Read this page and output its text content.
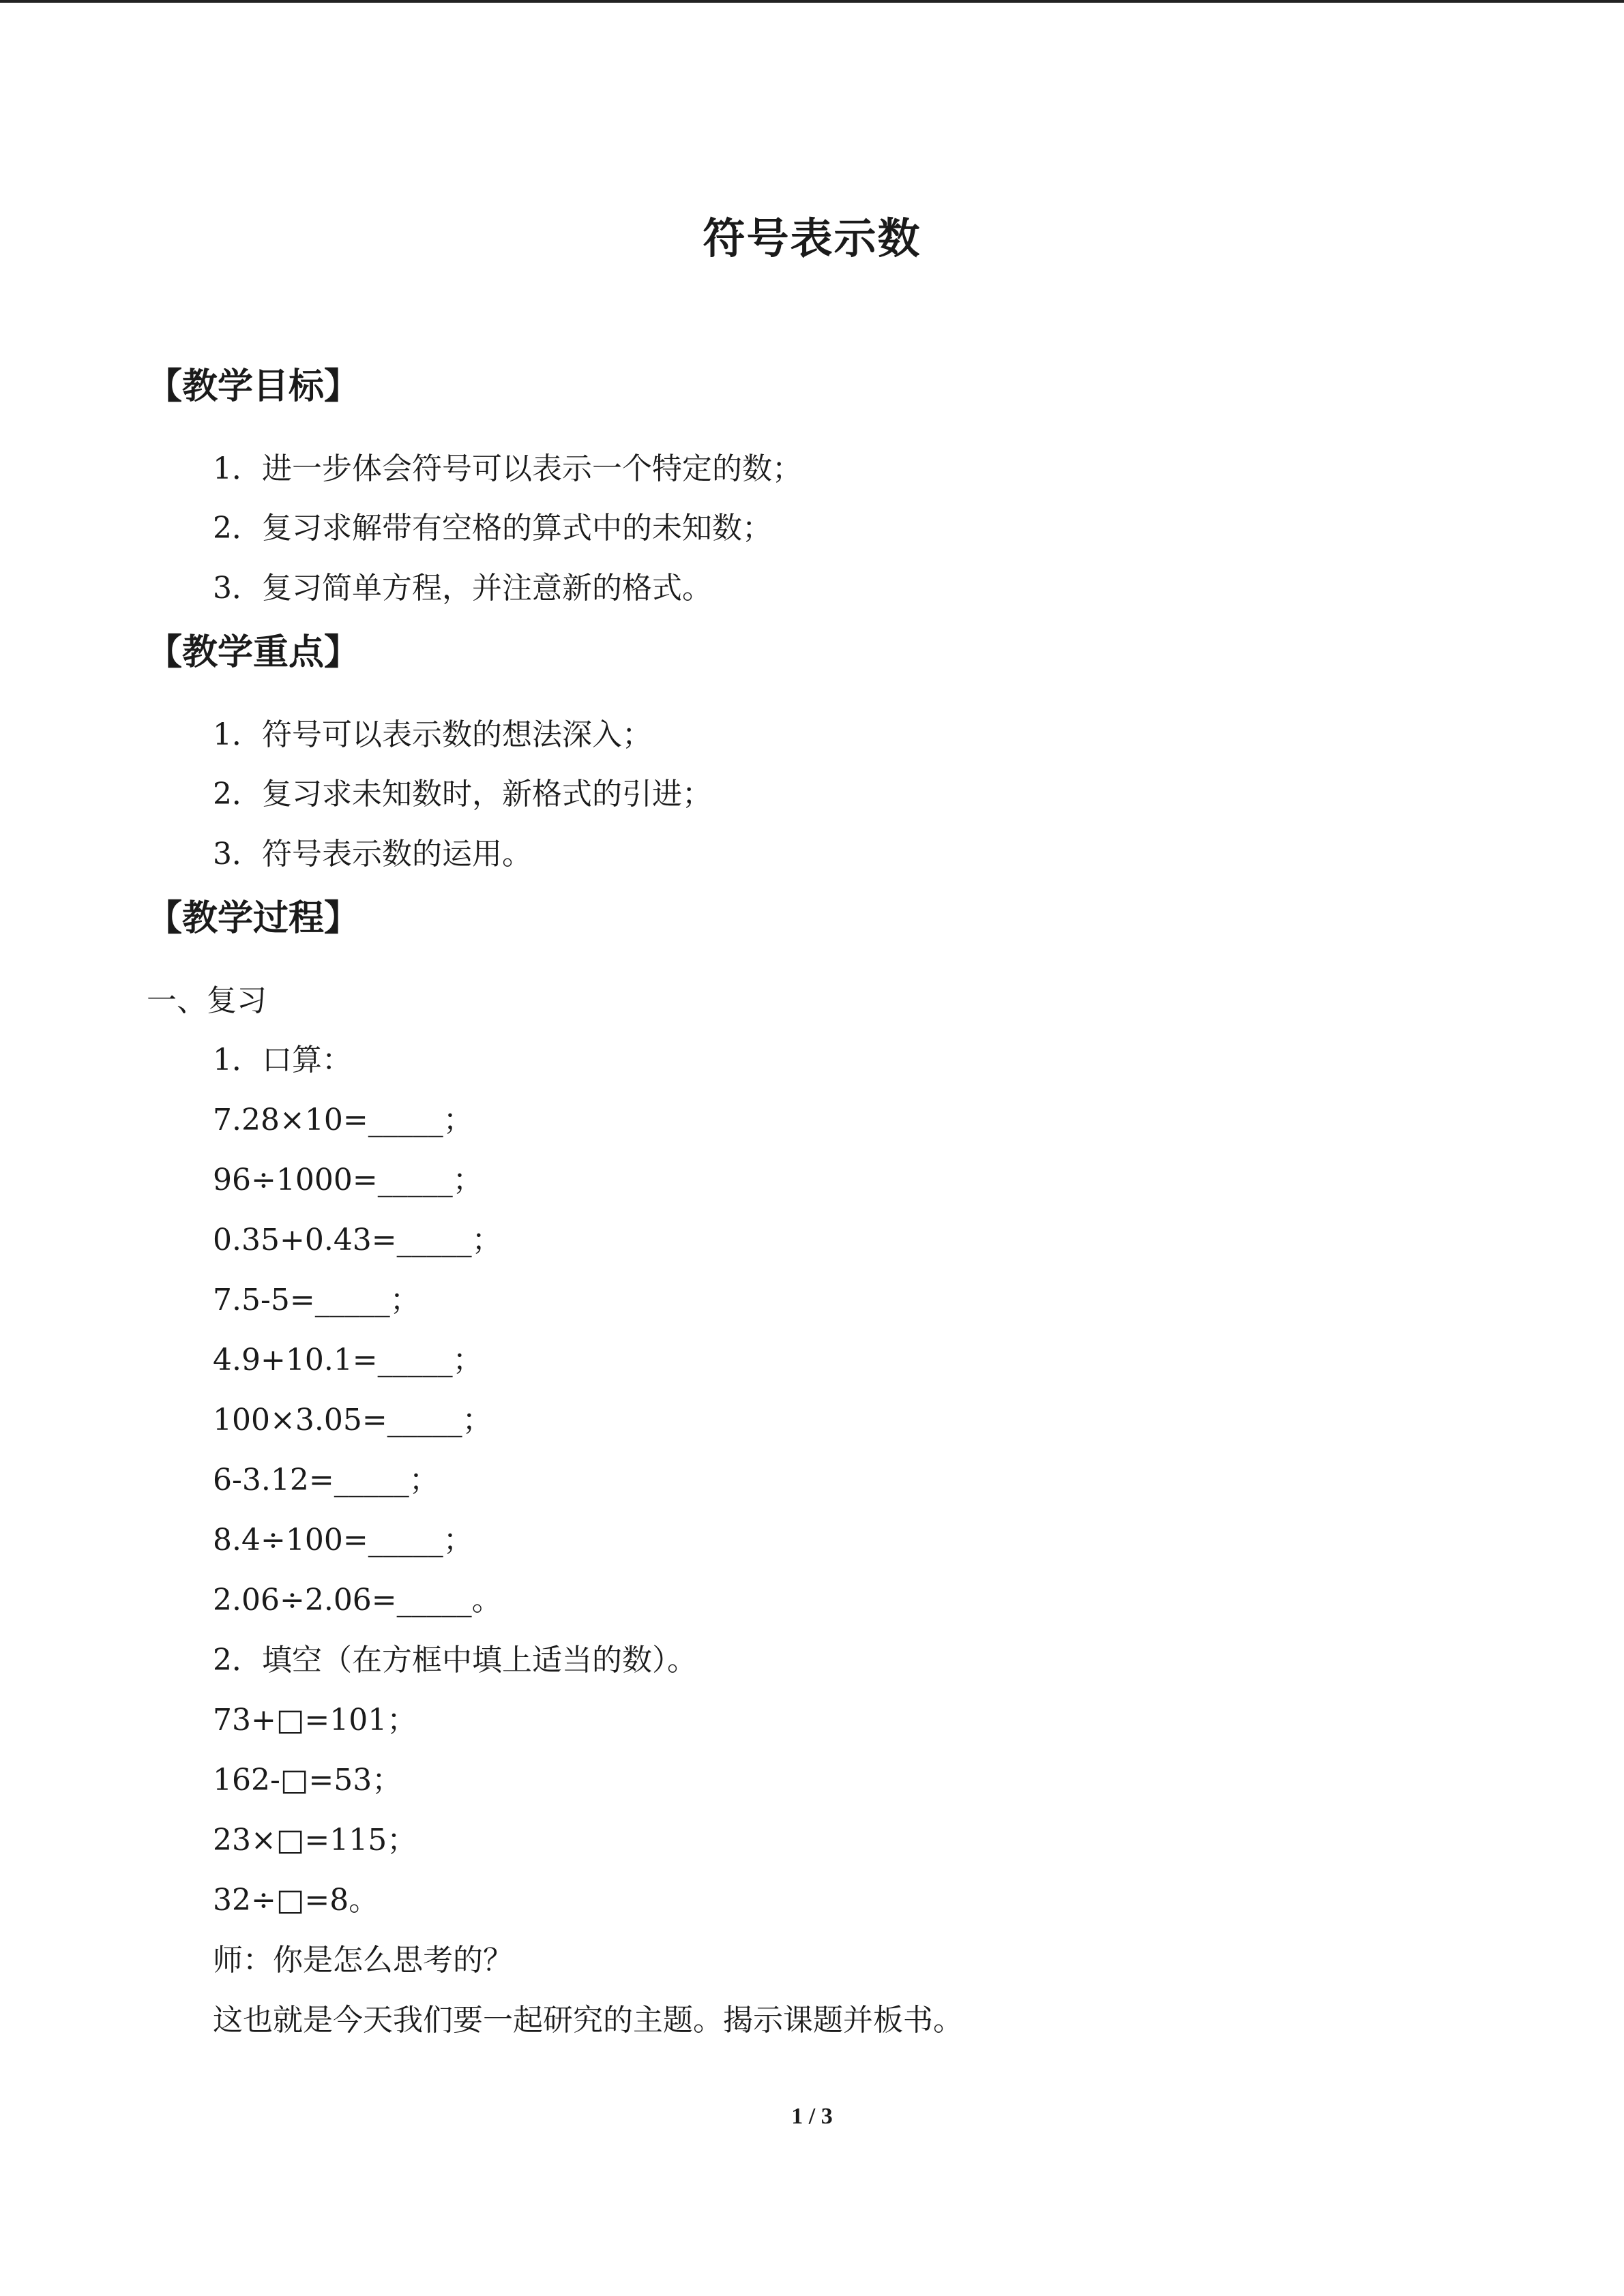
符号表示数
【教学目标】
1．进一步体会符号可以表示一个特定的数；
2．复习求解带有空格的算式中的未知数；
3．复习简单方程，并注意新的格式。
【教学重点】
1．符号可以表示数的想法深入；
2．复习求未知数时，新格式的引进；
3．符号表示数的运用。
【教学过程】
一、复习
1．口算：
7.28×10=_____；
96÷1000=_____；
0.35+0.43=_____；
7.5-5=_____；
4.9+10.1=_____；
100×3.05=_____；
6-3.12=_____；
8.4÷100=_____；
2.06÷2.06=_____。
2．填空（在方框中填上适当的数）。
73+□=101；
162-□=53；
23×□=115；
32÷□=8。
师：你是怎么思考的？
这也就是今天我们要一起研究的主题。揭示课题并板书。
1 / 3
